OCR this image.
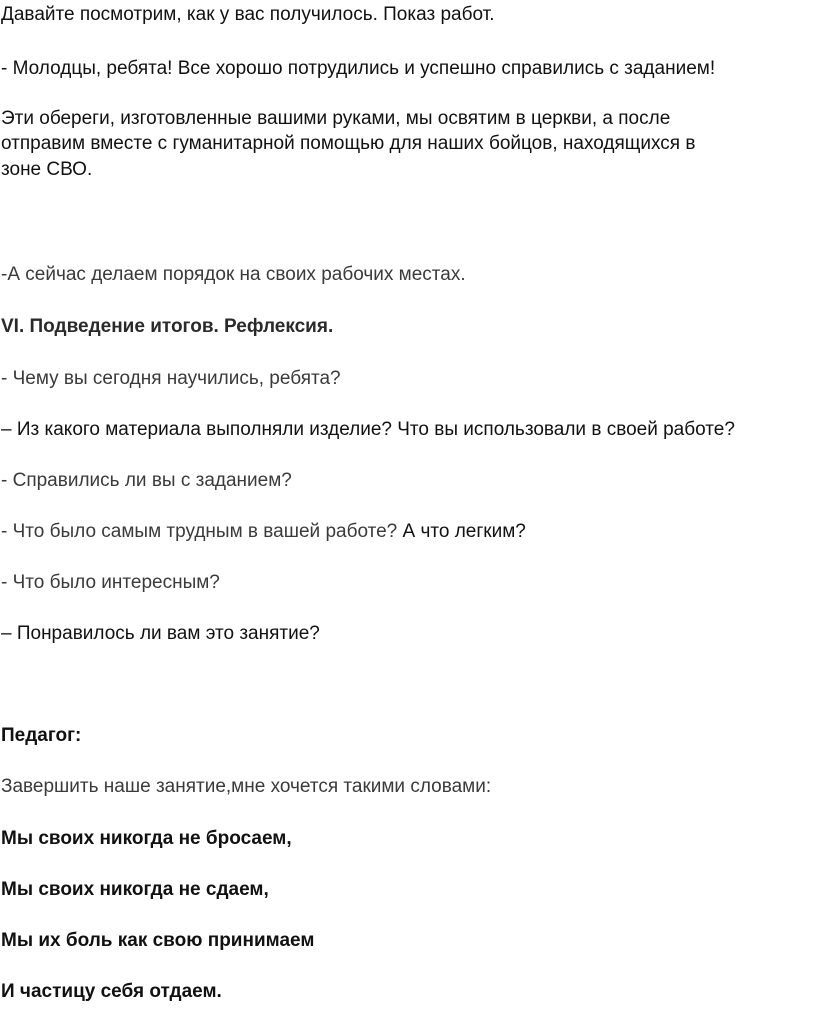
Давайте посмотрим, как у вас получилось. Показ работ.

- Молодцы, ребята! Все хорошо потрудились и успешно справились с заданием!

Эти обереги, изготовленные вашими руками, мы освятим в церкви, а после

отправим вместе с гуманитарной помощью для наших бойцов, находящихся в

зоне СВО.

-А сейчас делаем порядок на своих рабочих местах.

VI. Подведение итогов. Рефлексия.

- Чему вы сегодня научились, ребята?

– Из какого материала выполняли изделие? Что вы использовали в своей работе?

- Справились ли вы с заданием?

- Что было самым трудным в вашей работе? А что легким?

- Что было интересным?

– Понравилось ли вам это занятие?

Педагог:

Завершить наше занятие,мне хочется такими словами:

Мы своих никогда не бросаем,

Мы своих никогда не сдаем,

Мы их боль как свою принимаем

И частицу себя отдаем.
